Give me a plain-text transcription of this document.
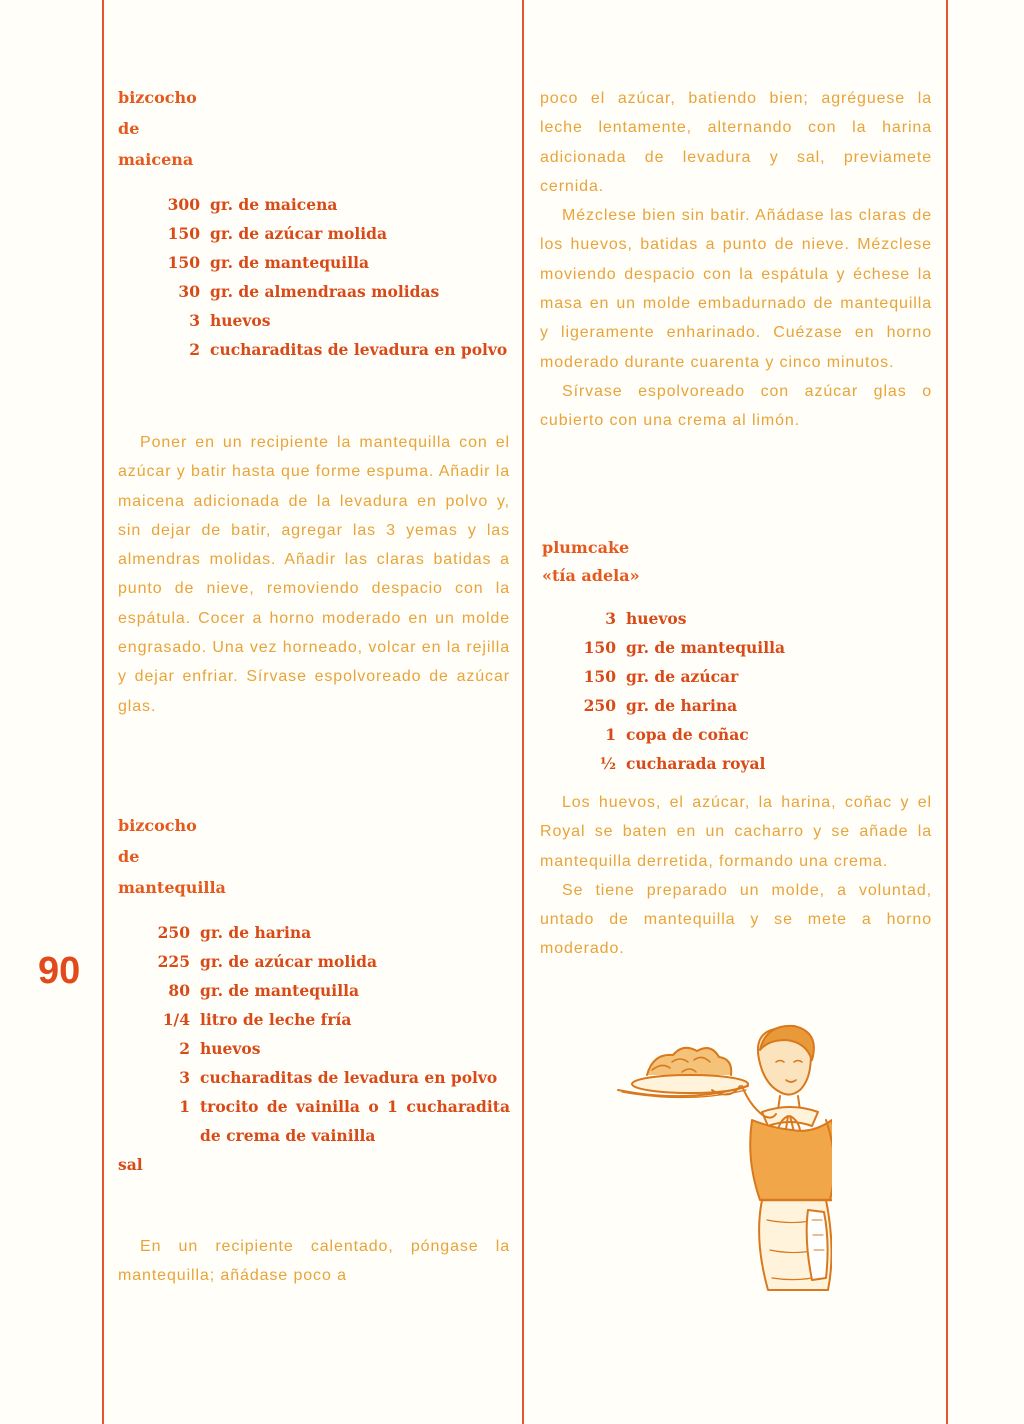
90
bizcocho
de
maicena
300 gr. de maicena
150 gr. de azúcar molida
150 gr. de mantequilla
30 gr. de almendraas molidas
3 huevos
2 cucharaditas de levadura en polvo

Poner en un recipiente la mantequilla con el azúcar y batir hasta que forme espuma. Añadir la maicena adicionada de la levadura en polvo y, sin dejar de batir, agregar las 3 yemas y las almendras molidas. Añadir las claras batidas a punto de nieve, removiendo despacio con la espátula. Cocer a horno moderado en un molde engrasado. Una vez horneado, volcar en la rejilla y dejar enfriar. Sírvase espolvoreado de azúcar glas.

bizcocho
de
mantequilla
250 gr. de harina
225 gr. de azúcar molida
80 gr. de mantequilla
1/4 litro de leche fría
2 huevos
3 cucharaditas de levadura en polvo
1 trocito de vainilla o 1 cucharadita de crema de vainilla
sal

En un recipiente calentado, póngase la mantequilla; añádase poco a

poco el azúcar, batiendo bien; agréguese la leche lentamente, alternando con la harina adicionada de levadura y sal, previamete cernida.

Mézclese bien sin batir. Añádase las claras de los huevos, batidas a punto de nieve. Mézclese moviendo despacio con la espátula y échese la masa en un molde embadurnado de mantequilla y ligeramente enharinado. Cuézase en horno moderado durante cuarenta y cinco minutos.

Sírvase espolvoreado con azúcar glas o cubierto con una crema al limón.

plumcake
«tía adela»
3 huevos
150 gr. de mantequilla
150 gr. de azúcar
250 gr. de harina
1 copa de coñac
½ cucharada royal

Los huevos, el azúcar, la harina, coñac y el Royal se baten en un cacharro y se añade la mantequilla derretida, formando una crema.

Se tiene preparado un molde, a voluntad, untado de mantequilla y se mete a horno moderado.
